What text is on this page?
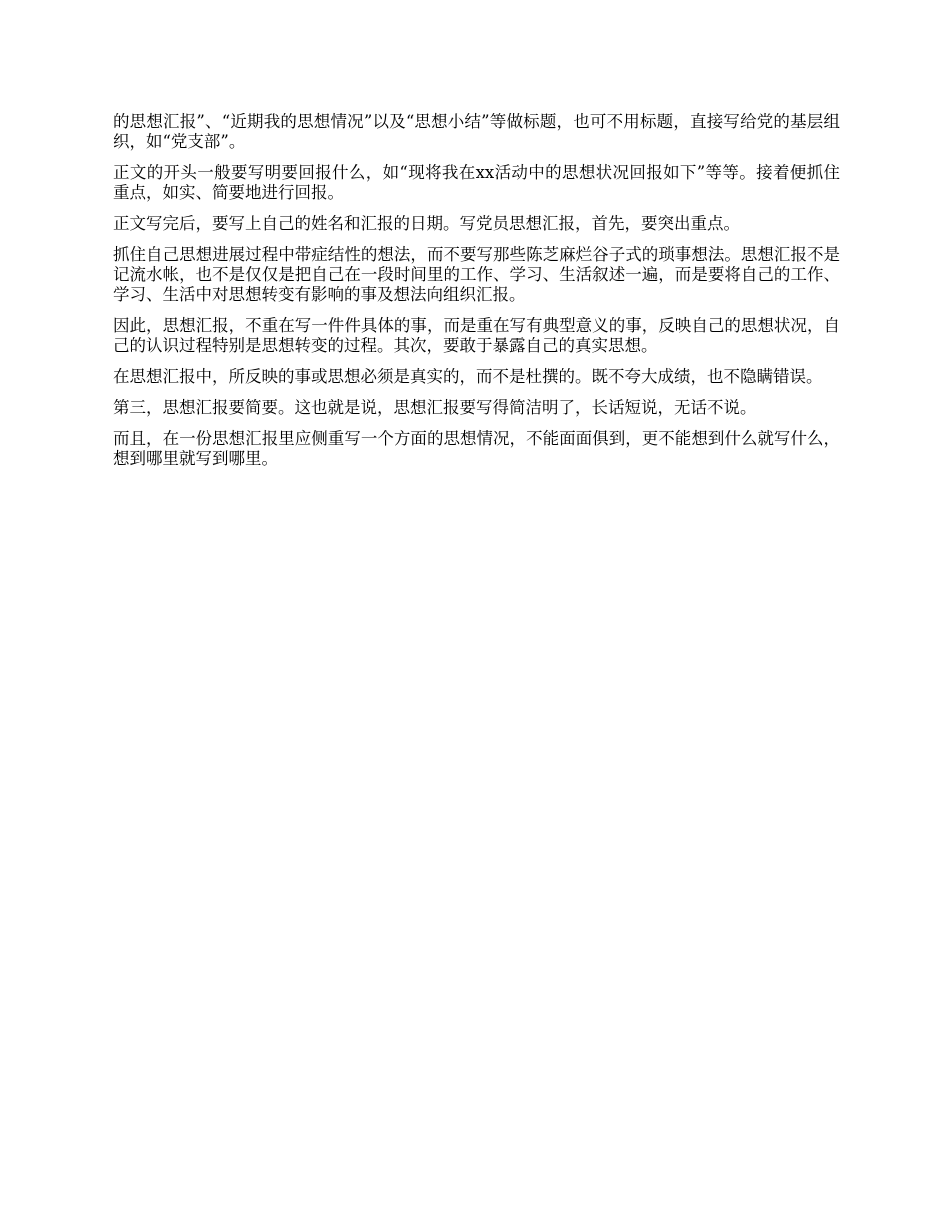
的思想汇报”、“近期我的思想情况”以及“思想小结”等做标题，也可不用标题，直接写给党的基层组织，如“党支部”。

正文的开头一般要写明要回报什么，如“现将我在xx活动中的思想状况回报如下”等等。接着便抓住重点，如实、简要地进行回报。

正文写完后，要写上自己的姓名和汇报的日期。写党员思想汇报，首先，要突出重点。

抓住自己思想进展过程中带症结性的想法，而不要写那些陈芝麻烂谷子式的琐事想法。思想汇报不是记流水帐，也不是仅仅是把自己在一段时间里的工作、学习、生活叙述一遍，而是要将自己的工作、学习、生活中对思想转变有影响的事及想法向组织汇报。

因此，思想汇报，不重在写一件件具体的事，而是重在写有典型意义的事，反映自己的思想状况，自己的认识过程特别是思想转变的过程。其次，要敢于暴露自己的真实思想。

在思想汇报中，所反映的事或思想必须是真实的，而不是杜撰的。既不夸大成绩，也不隐瞒错误。

第三，思想汇报要简要。这也就是说，思想汇报要写得简洁明了，长话短说，无话不说。

而且，在一份思想汇报里应侧重写一个方面的思想情况，不能面面俱到，更不能想到什么就写什么，想到哪里就写到哪里。
